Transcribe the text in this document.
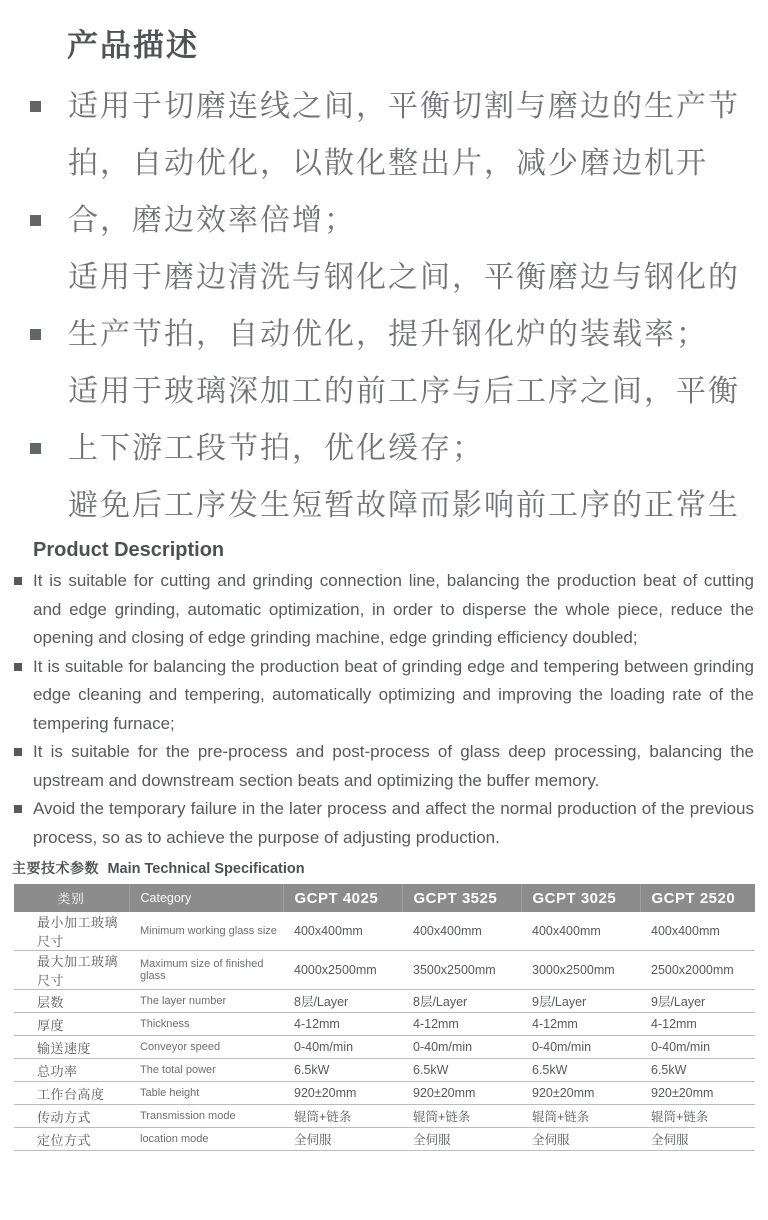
产品描述
适用于切磨连线之间，平衡切割与磨边的生产节
拍，自动优化，以散化整出片，减少磨边机开
合，磨边效率倍增；
适用于磨边清洗与钢化之间，平衡磨边与钢化的
生产节拍，自动优化，提升钢化炉的装载率；
适用于玻璃深加工的前工序与后工序之间，平衡
上下游工段节拍，优化缓存；
避免后工序发生短暂故障而影响前工序的正常生
Product Description

It is suitable for cutting and grinding connection line, balancing the production beat of cutting and edge grinding, automatic optimization, in order to disperse the whole piece, reduce the opening and closing of edge grinding machine, edge grinding efficiency doubled;

It is suitable for balancing the production beat of grinding edge and tempering between grinding edge cleaning and tempering, automatically optimizing and improving the loading rate of the tempering furnace;

It is suitable for the pre-process and post-process of glass deep processing, balancing the upstream and downstream section beats and optimizing the buffer memory.

Avoid the temporary failure in the later process and affect the normal production of the previous process, so as to achieve the purpose of adjusting production.

主要技术参数 Main Technical Specification
类别	Category	GCPT 4025	GCPT 3525	GCPT 3025	GCPT 2520
最小加工玻璃尺寸	Minimum working glass size	400x400mm	400x400mm	400x400mm	400x400mm
最大加工玻璃尺寸	Maximum size of finished glass	4000x2500mm	3500x2500mm	3000x2500mm	2500x2000mm
层数	The layer number	8层/Layer	8层/Layer	9层/Layer	9层/Layer
厚度	Thickness	4-12mm	4-12mm	4-12mm	4-12mm
输送速度	Conveyor speed	0-40m/min	0-40m/min	0-40m/min	0-40m/min
总功率	The total power	6.5kW	6.5kW	6.5kW	6.5kW
工作台高度	Table height	920±20mm	920±20mm	920±20mm	920±20mm
传动方式	Transmission mode	辊筒+链条	辊筒+链条	辊筒+链条	辊筒+链条
定位方式	location mode	全伺服	全伺服	全伺服	全伺服
